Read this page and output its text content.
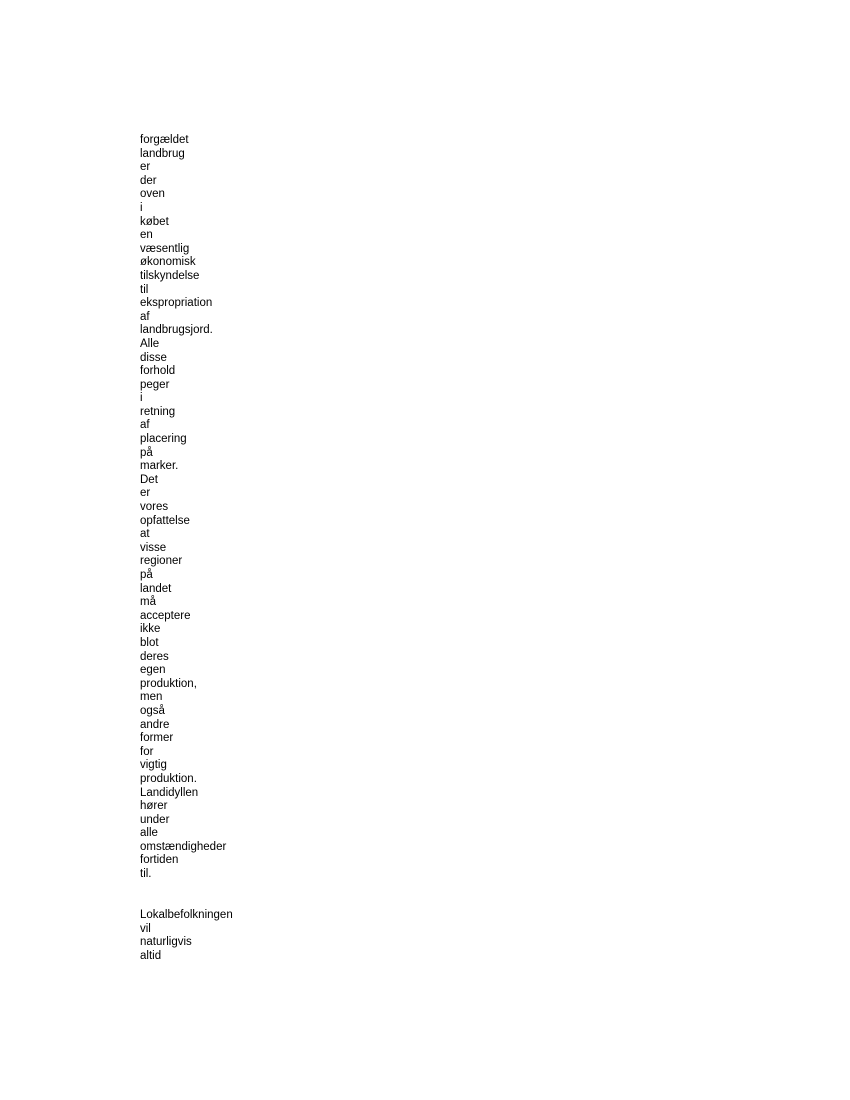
forgældet
landbrug
er
der
oven
i
købet
en
væsentlig
økonomisk
tilskyndelse
til
ekspropriation
af
landbrugsjord.
Alle
disse
forhold
peger
i
retning
af
placering
på
marker.
Det
er
vores
opfattelse
at
visse
regioner
på
landet
må
acceptere
ikke
blot
deres
egen
produktion,
men
også
andre
former
for
vigtig
produktion.
Landidyllen
hører
under
alle
omstændigheder
fortiden
til.
Lokalbefolkningen
vil
naturligvis
altid
